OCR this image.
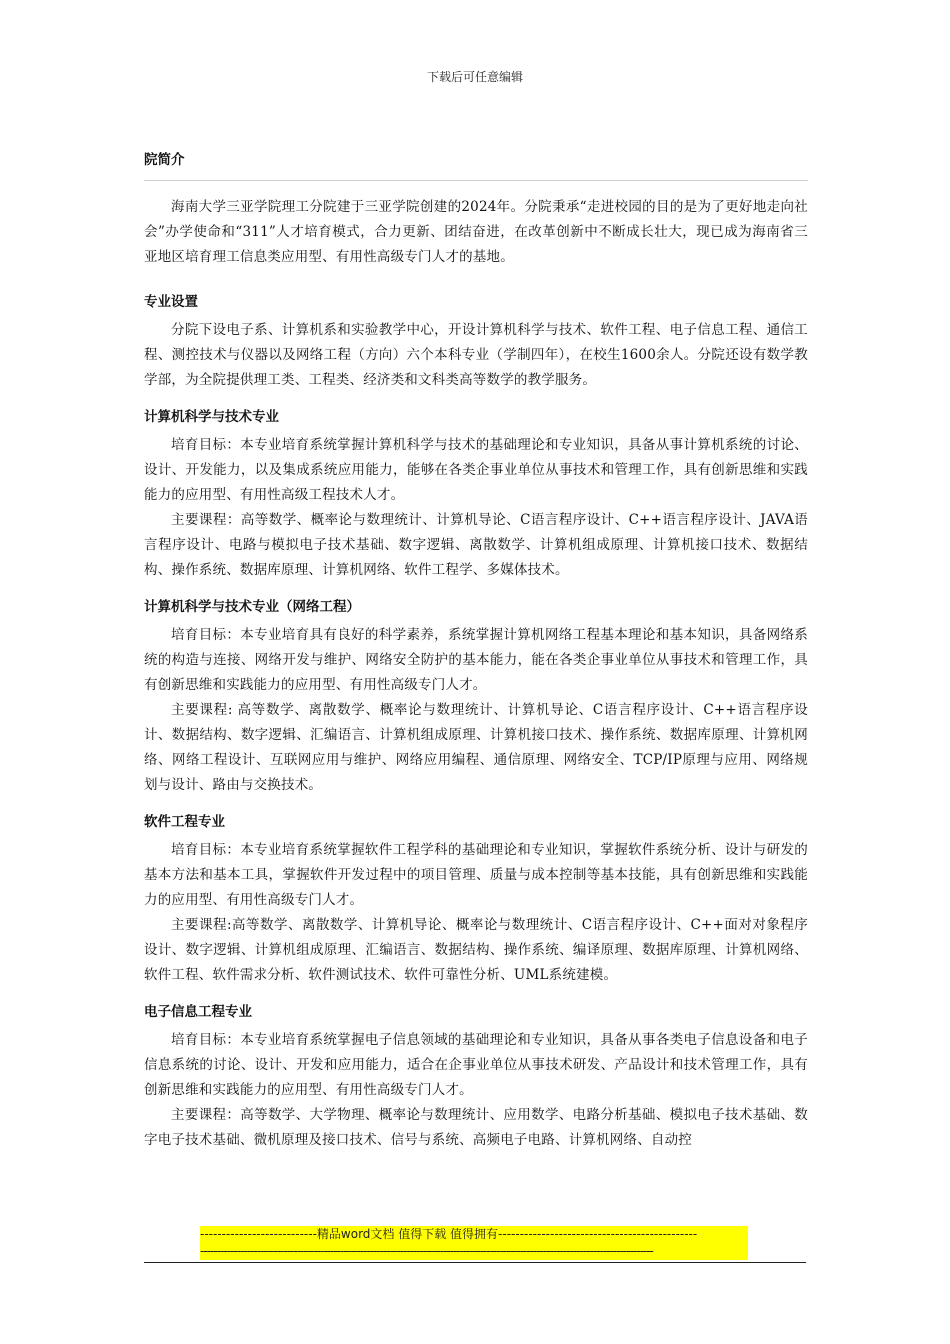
下载后可任意编辑
院简介

海南大学三亚学院理工分院建于三亚学院创建的2024年。分院秉承“走进校园的目的是为了更好地走向社会”办学使命和“311”人才培育模式，合力更新、团结奋进，在改革创新中不断成长壮大，现已成为海南省三亚地区培育理工信息类应用型、有用性高级专门人才的基地。

专业设置

分院下设电子系、计算机系和实验教学中心，开设计算机科学与技术、软件工程、电子信息工程、通信工程、测控技术与仪器以及网络工程（方向）六个本科专业（学制四年），在校生1600余人。分院还设有数学教学部，为全院提供理工类、工程类、经济类和文科类高等数学的教学服务。

计算机科学与技术专业

培育目标：本专业培育系统掌握计算机科学与技术的基础理论和专业知识，具备从事计算机系统的讨论、设计、开发能力，以及集成系统应用能力，能够在各类企事业单位从事技术和管理工作，具有创新思维和实践能力的应用型、有用性高级工程技术人才。

主要课程：高等数学、概率论与数理统计、计算机导论、C语言程序设计、C++语言程序设计、JAVA语言程序设计、电路与模拟电子技术基础、数字逻辑、离散数学、计算机组成原理、计算机接口技术、数据结构、操作系统、数据库原理、计算机网络、软件工程学、多媒体技术。

计算机科学与技术专业（网络工程）

培育目标：本专业培育具有良好的科学素养，系统掌握计算机网络工程基本理论和基本知识，具备网络系统的构造与连接、网络开发与维护、网络安全防护的基本能力，能在各类企事业单位从事技术和管理工作，具有创新思维和实践能力的应用型、有用性高级专门人才。

主要课程: 高等数学、离散数学、概率论与数理统计、计算机导论、C语言程序设计、C++语言程序设计、数据结构、数字逻辑、汇编语言、计算机组成原理、计算机接口技术、操作系统、数据库原理、计算机网络、网络工程设计、互联网应用与维护、网络应用编程、通信原理、网络安全、TCP/IP原理与应用、网络规划与设计、路由与交换技术。

软件工程专业

培育目标：本专业培育系统掌握软件工程学科的基础理论和专业知识，掌握软件系统分析、设计与研发的基本方法和基本工具，掌握软件开发过程中的项目管理、质量与成本控制等基本技能，具有创新思维和实践能力的应用型、有用性高级专门人才。

主要课程:高等数学、离散数学、计算机导论、概率论与数理统计、C语言程序设计、C++面对对象程序设计、数字逻辑、计算机组成原理、汇编语言、数据结构、操作系统、编译原理、数据库原理、计算机网络、软件工程、软件需求分析、软件测试技术、软件可靠性分析、UML系统建模。

电子信息工程专业

培育目标：本专业培育系统掌握电子信息领域的基础理论和专业知识，具备从事各类电子信息设备和电子信息系统的讨论、设计、开发和应用能力，适合在企事业单位从事技术研发、产品设计和技术管理工作，具有创新思维和实践能力的应用型、有用性高级专门人才。

主要课程：高等数学、大学物理、概率论与数理统计、应用数学、电路分析基础、模拟电子技术基础、数字电子技术基础、微机原理及接口技术、信号与系统、高频电子电路、计算机网络、自动控

---------------------------精品word文档 值得下载 值得拥有----------------------------------------------
----------------------------------------------------------------------------------------------------------------------------------------
